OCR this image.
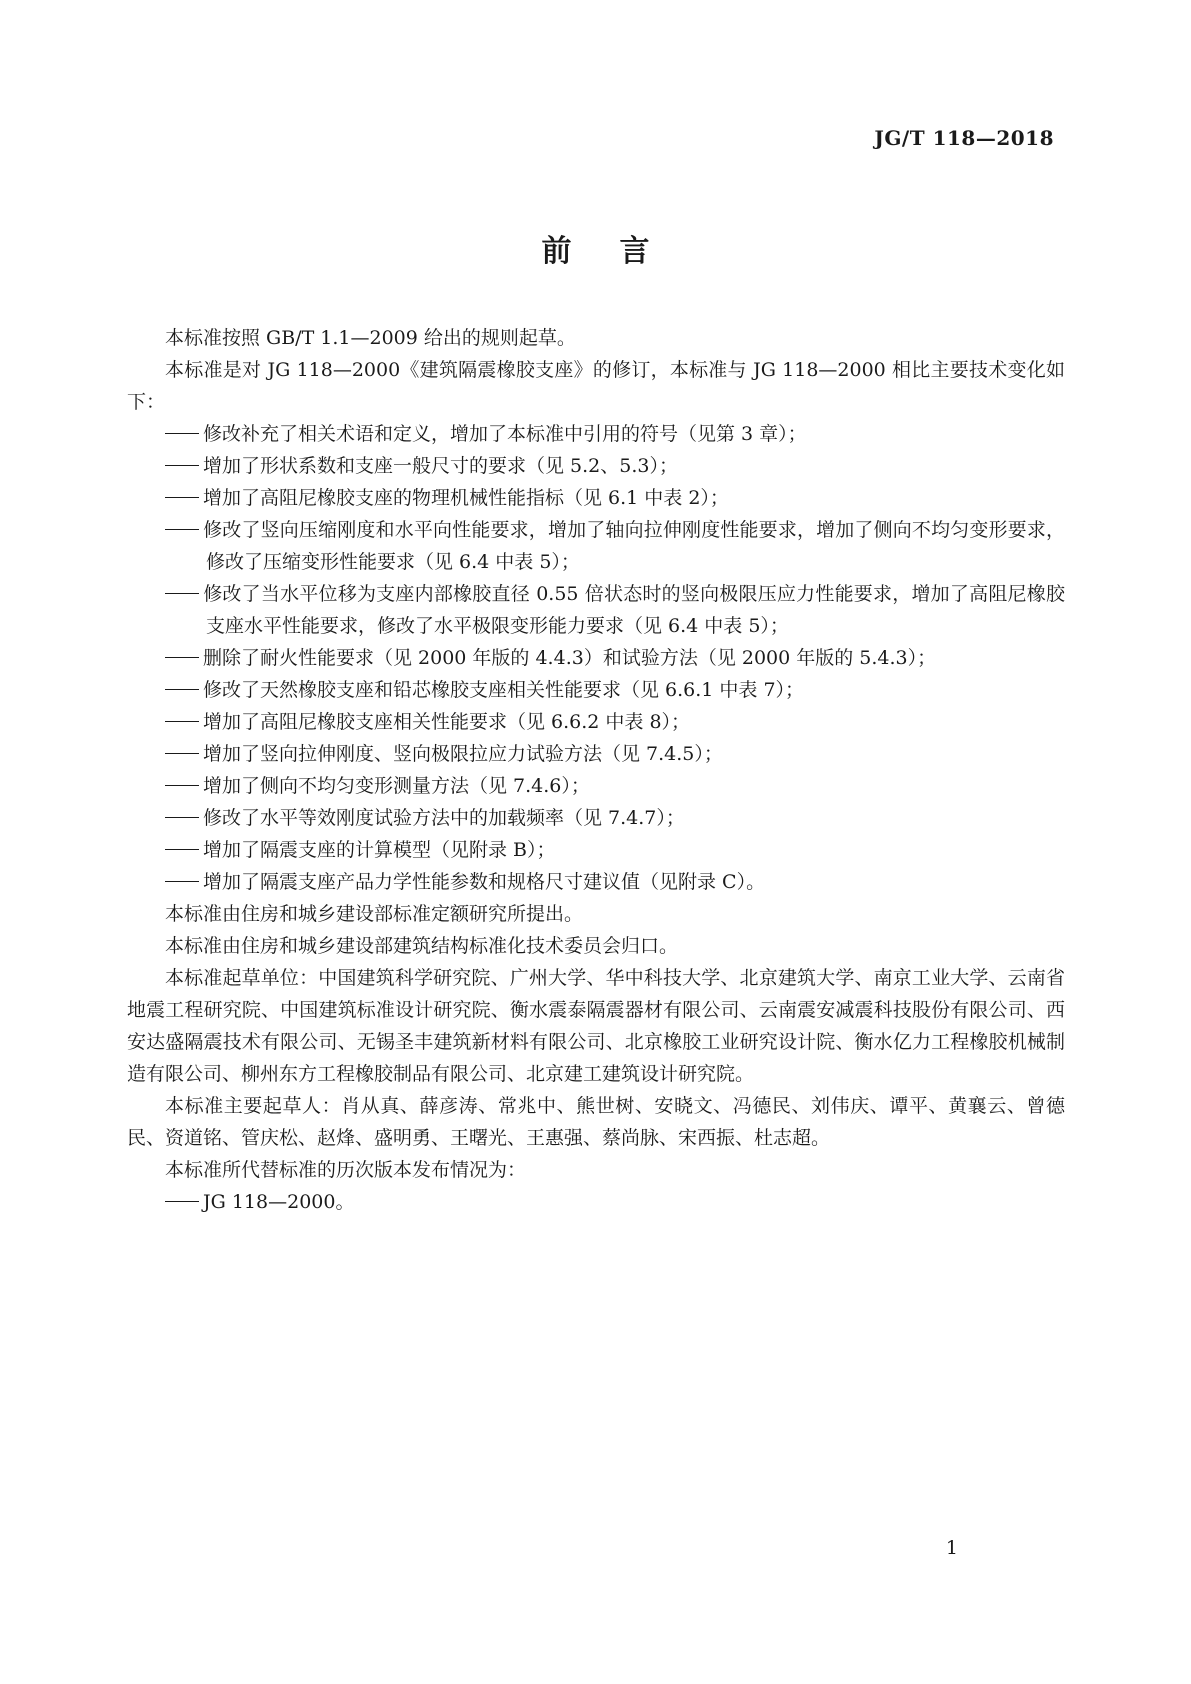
JG/T 118—2018
前言

本标准按照 GB/T 1.1—2009 给出的规则起草。

本标准是对 JG 118—2000《建筑隔震橡胶支座》的修订，本标准与 JG 118—2000 相比主要技术变化如下：

修改补充了相关术语和定义，增加了本标准中引用的符号（见第 3 章）；

增加了形状系数和支座一般尺寸的要求（见 5.2、5.3）；

增加了高阻尼橡胶支座的物理机械性能指标（见 6.1 中表 2）；

修改了竖向压缩刚度和水平向性能要求，增加了轴向拉伸刚度性能要求，增加了侧向不均匀变形要求，修改了压缩变形性能要求（见 6.4 中表 5）；

修改了当水平位移为支座内部橡胶直径 0.55 倍状态时的竖向极限压应力性能要求，增加了高阻尼橡胶支座水平性能要求，修改了水平极限变形能力要求（见 6.4 中表 5）；

删除了耐火性能要求（见 2000 年版的 4.4.3）和试验方法（见 2000 年版的 5.4.3）；

修改了天然橡胶支座和铅芯橡胶支座相关性能要求（见 6.6.1 中表 7）；

增加了高阻尼橡胶支座相关性能要求（见 6.6.2 中表 8）；

增加了竖向拉伸刚度、竖向极限拉应力试验方法（见 7.4.5）；

增加了侧向不均匀变形测量方法（见 7.4.6）；

修改了水平等效刚度试验方法中的加载频率（见 7.4.7）；

增加了隔震支座的计算模型（见附录 B）；

增加了隔震支座产品力学性能参数和规格尺寸建议值（见附录 C）。

本标准由住房和城乡建设部标准定额研究所提出。

本标准由住房和城乡建设部建筑结构标准化技术委员会归口。

本标准起草单位：中国建筑科学研究院、广州大学、华中科技大学、北京建筑大学、南京工业大学、云南省地震工程研究院、中国建筑标准设计研究院、衡水震泰隔震器材有限公司、云南震安减震科技股份有限公司、西安达盛隔震技术有限公司、无锡圣丰建筑新材料有限公司、北京橡胶工业研究设计院、衡水亿力工程橡胶机械制造有限公司、柳州东方工程橡胶制品有限公司、北京建工建筑设计研究院。

本标准主要起草人：肖从真、薛彦涛、常兆中、熊世树、安晓文、冯德民、刘伟庆、谭平、黄襄云、曾德民、资道铭、管庆松、赵烽、盛明勇、王曙光、王惠强、蔡尚脉、宋西振、杜志超。

本标准所代替标准的历次版本发布情况为：

JG 118—2000。

1
